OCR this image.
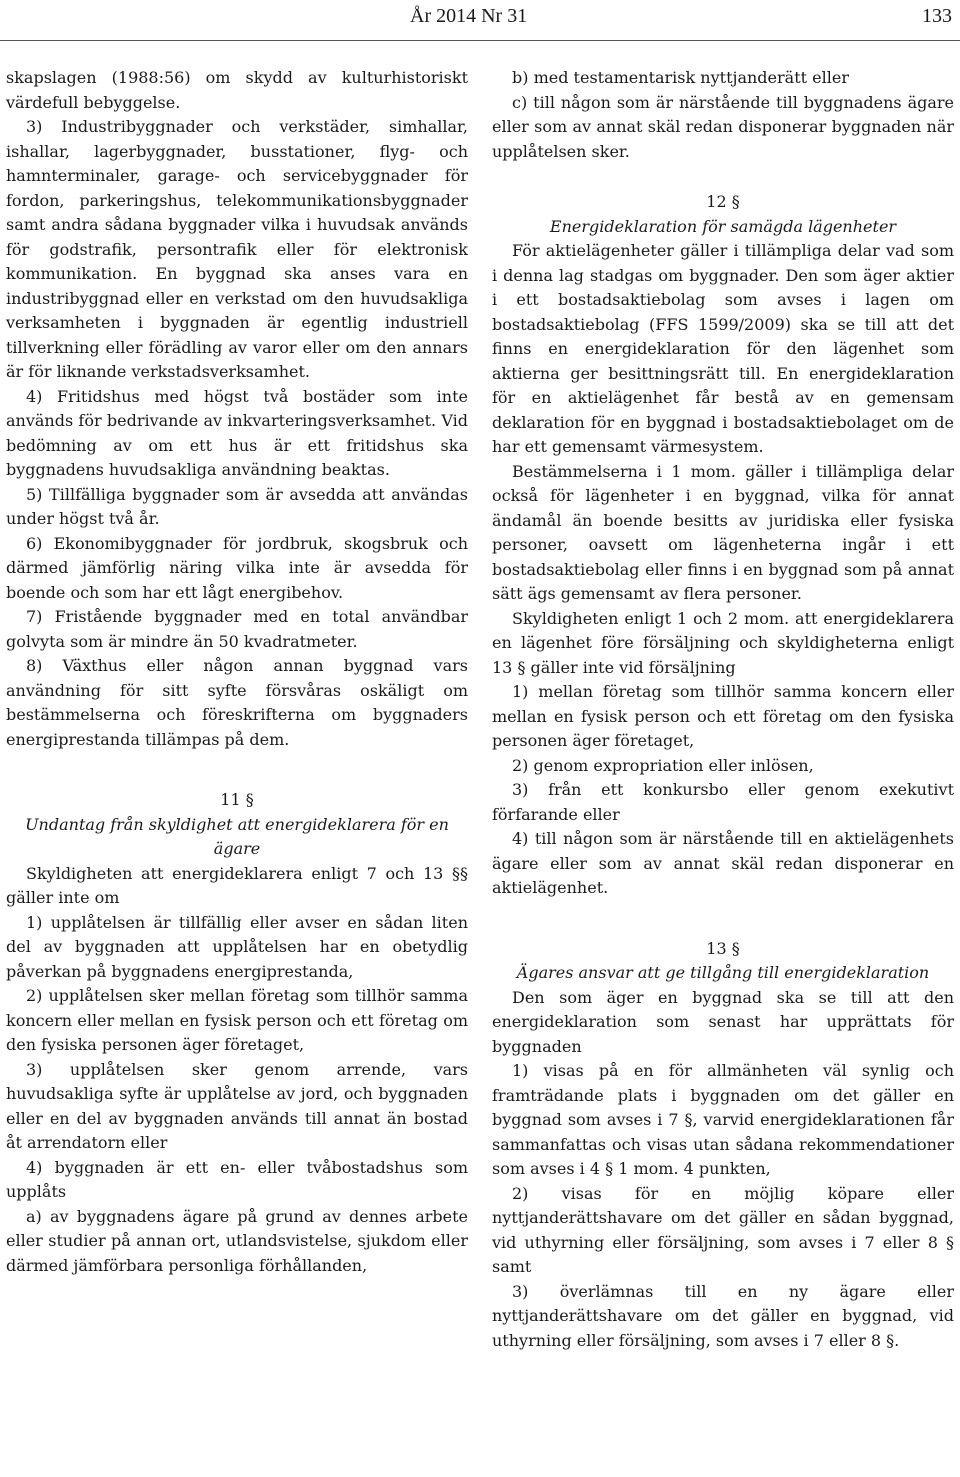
År 2014 Nr 31	133

skapslagen (1988:56) om skydd av kulturhistoriskt värdefull bebyggelse.

3) Industribyggnader och verkstäder, simhallar, ishallar, lagerbyggnader, busstationer, flyg- och hamnterminaler, garage- och servicebyggnader för fordon, parkeringshus, telekommunikationsbyggnader samt andra sådana byggnader vilka i huvudsak används för godstrafik, persontrafik eller för elektronisk kommunikation. En byggnad ska anses vara en industribyggnad eller en verkstad om den huvudsakliga verksamheten i byggnaden är egentlig industriell tillverkning eller förädling av varor eller om den annars är för liknande verkstadsverksamhet.

4) Fritidshus med högst två bostäder som inte används för bedrivande av inkvarteringsverksamhet. Vid bedömning av om ett hus är ett fritidshus ska byggnadens huvudsakliga användning beaktas.

5) Tillfälliga byggnader som är avsedda att användas under högst två år.

6) Ekonomibyggnader för jordbruk, skogsbruk och därmed jämförlig näring vilka inte är avsedda för boende och som har ett lågt energibehov.

7) Fristående byggnader med en total användbar golvyta som är mindre än 50 kvadratmeter.

8) Växthus eller någon annan byggnad vars användning för sitt syfte försvåras oskäligt om bestämmelserna och föreskrifterna om byggnaders energiprestanda tillämpas på dem.

11 §

Undantag från skyldighet att energideklarera för en ägare

Skyldigheten att energideklarera enligt 7 och 13 §§ gäller inte om

1) upplåtelsen är tillfällig eller avser en sådan liten del av byggnaden att upplåtelsen har en obetydlig påverkan på byggnadens energiprestanda,

2) upplåtelsen sker mellan företag som tillhör samma koncern eller mellan en fysisk person och ett företag om den fysiska personen äger företaget,

3) upplåtelsen sker genom arrende, vars huvudsakliga syfte är upplåtelse av jord, och byggnaden eller en del av byggnaden används till annat än bostad åt arrendatorn eller

4) byggnaden är ett en- eller tvåbostadshus som upplåts

a) av byggnadens ägare på grund av dennes arbete eller studier på annan ort, utlandsvistelse, sjukdom eller därmed jämförbara personliga förhållanden,

b) med testamentarisk nyttjanderätt eller

c) till någon som är närstående till byggnadens ägare eller som av annat skäl redan disponerar byggnaden när upplåtelsen sker.

12 §

Energideklaration för samägda lägenheter

För aktielägenheter gäller i tillämpliga delar vad som i denna lag stadgas om byggnader. Den som äger aktier i ett bostadsaktiebolag som avses i lagen om bostadsaktiebolag (FFS 1599/2009) ska se till att det finns en energideklaration för den lägenhet som aktierna ger besittningsrätt till. En energideklaration för en aktielägenhet får bestå av en gemensam deklaration för en byggnad i bostadsaktiebolaget om de har ett gemensamt värmesystem.

Bestämmelserna i 1 mom. gäller i tillämpliga delar också för lägenheter i en byggnad, vilka för annat ändamål än boende besitts av juridiska eller fysiska personer, oavsett om lägenheterna ingår i ett bostadsaktiebolag eller finns i en byggnad som på annat sätt ägs gemensamt av flera personer.

Skyldigheten enligt 1 och 2 mom. att energideklarera en lägenhet före försäljning och skyldigheterna enligt 13 § gäller inte vid försäljning

1) mellan företag som tillhör samma koncern eller mellan en fysisk person och ett företag om den fysiska personen äger företaget,

2) genom expropriation eller inlösen,

3) från ett konkursbo eller genom exekutivt förfarande eller

4) till någon som är närstående till en aktielägenhets ägare eller som av annat skäl redan disponerar en aktielägenhet.

13 §

Ägares ansvar att ge tillgång till energideklaration

Den som äger en byggnad ska se till att den energideklaration som senast har upprättats för byggnaden

1) visas på en för allmänheten väl synlig och framträdande plats i byggnaden om det gäller en byggnad som avses i 7 §, varvid energideklarationen får sammanfattas och visas utan sådana rekommendationer som avses i 4 § 1 mom. 4 punkten,

2) visas för en möjlig köpare eller nyttjanderättshavare om det gäller en sådan byggnad, vid uthyrning eller försäljning, som avses i 7 eller 8 § samt

3) överlämnas till en ny ägare eller nyttjanderättshavare om det gäller en byggnad, vid uthyrning eller försäljning, som avses i 7 eller 8 §.
